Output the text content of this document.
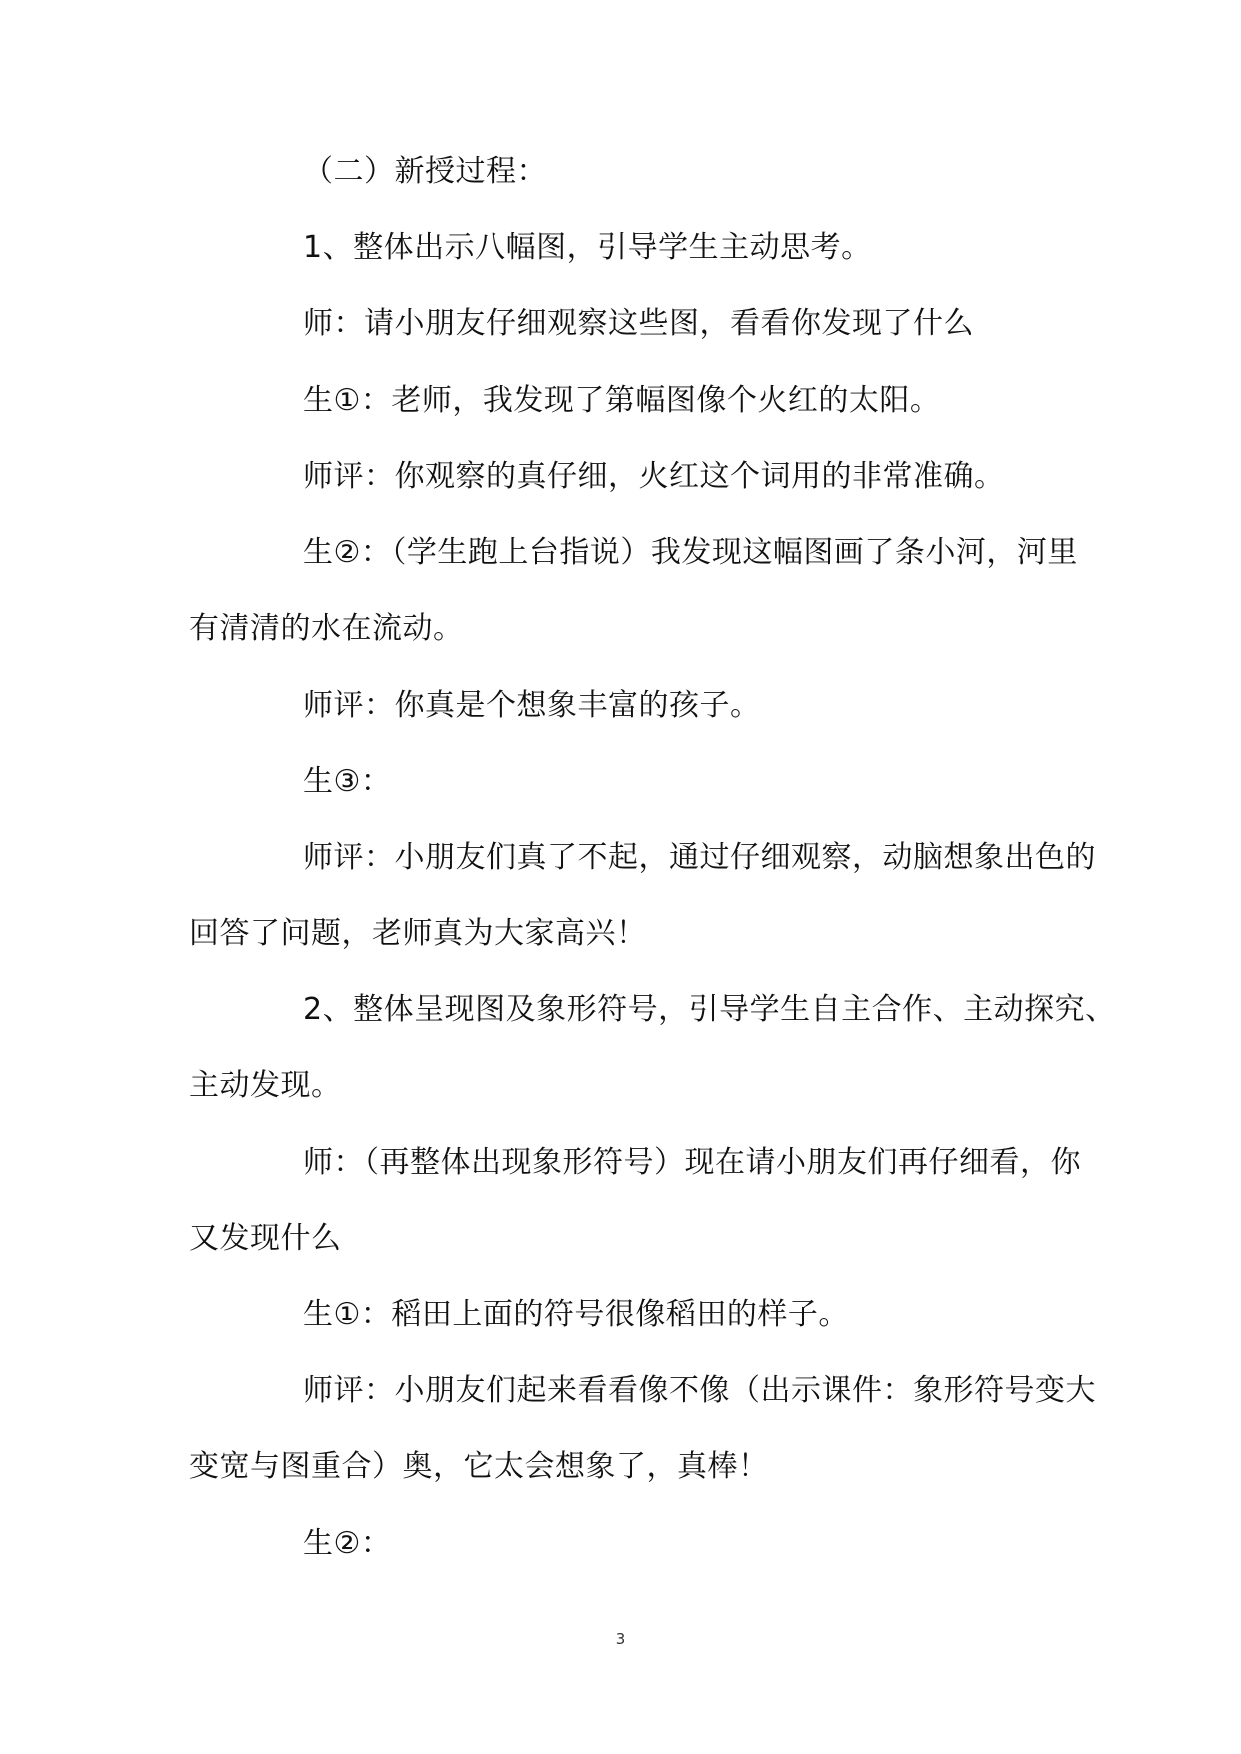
（二）新授过程：
1、整体出示八幅图，引导学生主动思考。
师：请小朋友仔细观察这些图，看看你发现了什么
生①：老师，我发现了第幅图像个火红的太阳。
师评：你观察的真仔细，火红这个词用的非常准确。
生②：（学生跑上台指说）我发现这幅图画了条小河，河里
有清清的水在流动。
师评：你真是个想象丰富的孩子。
生③：
师评：小朋友们真了不起，通过仔细观察，动脑想象出色的
回答了问题，老师真为大家高兴！
2、整体呈现图及象形符号，引导学生自主合作、主动探究、
主动发现。
师：（再整体出现象形符号）现在请小朋友们再仔细看，你
又发现什么
生①：稻田上面的符号很像稻田的样子。
师评：小朋友们起来看看像不像（出示课件：象形符号变大
变宽与图重合）奥，它太会想象了，真棒！
生②：
3
